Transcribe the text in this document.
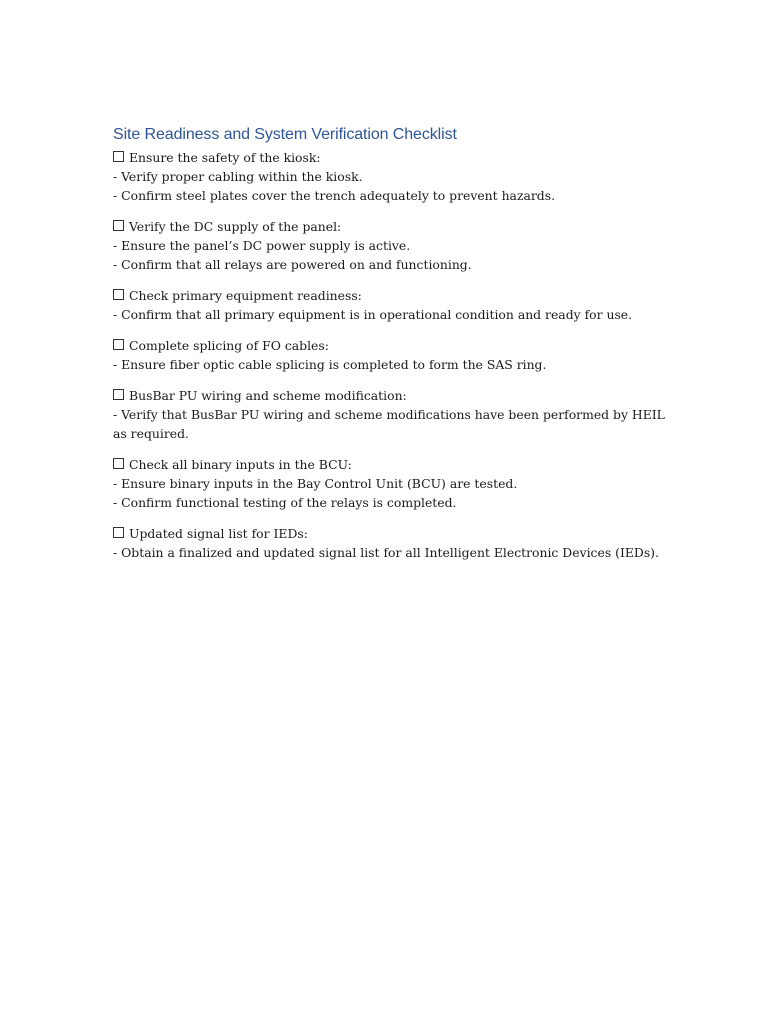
Site Readiness and System Verification Checklist

Ensure the safety of the kiosk:

- Verify proper cabling within the kiosk.

- Confirm steel plates cover the trench adequately to prevent hazards.

Verify the DC supply of the panel:

- Ensure the panel’s DC power supply is active.

- Confirm that all relays are powered on and functioning.

Check primary equipment readiness:

- Confirm that all primary equipment is in operational condition and ready for use.

Complete splicing of FO cables:

- Ensure fiber optic cable splicing is completed to form the SAS ring.

BusBar PU wiring and scheme modification:

- Verify that BusBar PU wiring and scheme modifications have been performed by HEIL as required.

Check all binary inputs in the BCU:

- Ensure binary inputs in the Bay Control Unit (BCU) are tested.

- Confirm functional testing of the relays is completed.

Updated signal list for IEDs:

- Obtain a finalized and updated signal list for all Intelligent Electronic Devices (IEDs).
